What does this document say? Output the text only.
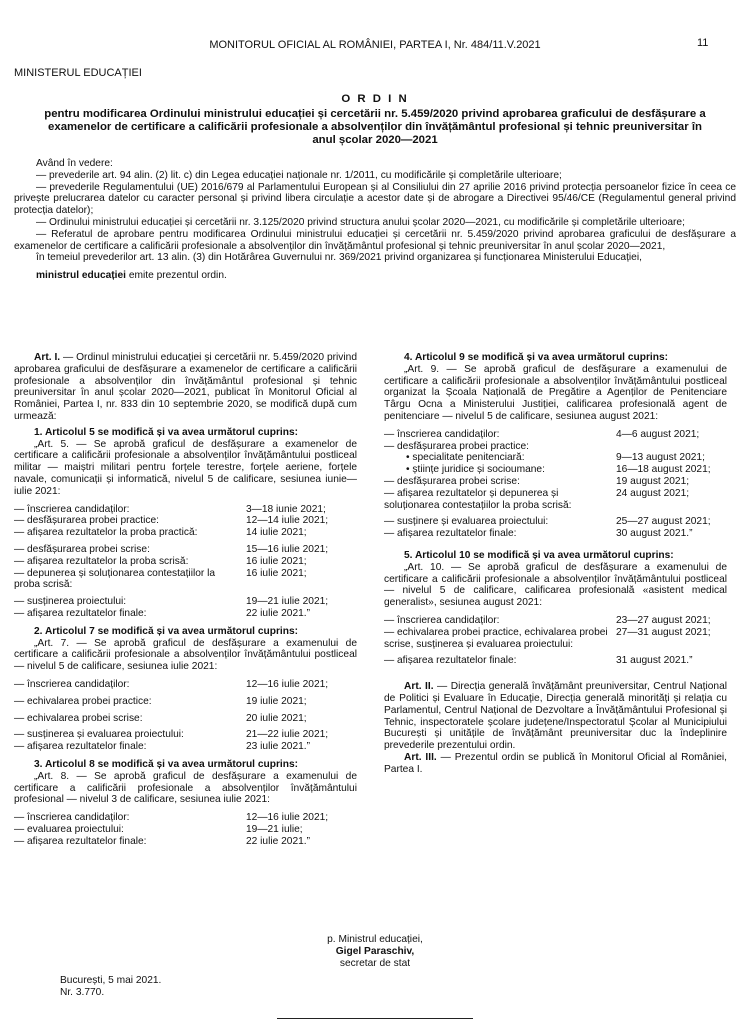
MONITORUL OFICIAL AL ROMÂNIEI, PARTEA I, Nr. 484/11.V.2021	11
MINISTERUL EDUCAȚIEI
O R D I N
pentru modificarea Ordinului ministrului educației și cercetării nr. 5.459/2020 privind aprobarea graficului de desfășurare a examenelor de certificare a calificării profesionale a absolvenților din învățământul profesional și tehnic preuniversitar în anul școlar 2020—2021

Având în vedere:

— prevederile art. 94 alin. (2) lit. c) din Legea educației naționale nr. 1/2011, cu modificările și completările ulterioare;

— prevederile Regulamentului (UE) 2016/679 al Parlamentului European și al Consiliului din 27 aprilie 2016 privind protecția persoanelor fizice în ceea ce privește prelucrarea datelor cu caracter personal și privind libera circulație a acestor date și de abrogare a Directivei 95/46/CE (Regulamentul general privind protecția datelor);

— Ordinului ministrului educației și cercetării nr. 3.125/2020 privind structura anului școlar 2020—2021, cu modificările și completările ulterioare;

— Referatul de aprobare pentru modificarea Ordinului ministrului educației și cercetării nr. 5.459/2020 privind aprobarea graficului de desfășurare a examenelor de certificare a calificării profesionale a absolvenților din învățământul profesional și tehnic preuniversitar în anul școlar 2020—2021,

în temeiul prevederilor art. 13 alin. (3) din Hotărârea Guvernului nr. 369/2021 privind organizarea și funcționarea Ministerului Educației,

ministrul educației emite prezentul ordin.

Art. I. — Ordinul ministrului educației și cercetării nr. 5.459/2020 privind aprobarea graficului de desfășurare a examenelor de certificare a calificării profesionale a absolvenților din învățământul profesional și tehnic preuniversitar în anul școlar 2020—2021, publicat în Monitorul Oficial al României, Partea I, nr. 833 din 10 septembrie 2020, se modifică după cum urmează:

1. Articolul 5 se modifică și va avea următorul cuprins:

„Art. 5. — Se aprobă graficul de desfășurare a examenelor de certificare a calificării profesionale a absolvenților învățământului postliceal militar — maiștri militari pentru forțele terestre, forțele aeriene, forțele navale, comunicații și informatică, nivelul 5 de calificare, sesiunea iunie—iulie 2021:

— înscrierea candidaților:	3—18 iunie 2021;
— desfășurarea probei practice:	12—14 iulie 2021;
— afișarea rezultatelor la proba practică:	14 iulie 2021;
— desfășurarea probei scrise:	15—16 iulie 2021;
— afișarea rezultatelor la proba scrisă:	16 iulie 2021;
— depunerea și soluționarea contestațiilor la proba scrisă:
16 iulie 2021;
— susținerea proiectului:	19—21 iulie 2021;
— afișarea rezultatelor finale:	22 iulie 2021.”

2. Articolul 7 se modifică și va avea următorul cuprins:

„Art. 7. — Se aprobă graficul de desfășurare a examenului de certificare a calificării profesionale a absolvenților învățământului postliceal — nivelul 5 de calificare, sesiunea iulie 2021:

— înscrierea candidaților:	12—16 iulie 2021;
— echivalarea probei practice:	19 iulie 2021;
— echivalarea probei scrise:	20 iulie 2021;
— susținerea și evaluarea proiectului:	21—22 iulie 2021;
— afișarea rezultatelor finale:	23 iulie 2021.”

3. Articolul 8 se modifică și va avea următorul cuprins:

„Art. 8. — Se aprobă graficul de desfășurare a examenului de certificare a calificării profesionale a absolvenților învățământului profesional — nivelul 3 de calificare, sesiunea iulie 2021:

— înscrierea candidaților:	12—16 iulie 2021;
— evaluarea proiectului:	19—21 iulie;
— afișarea rezultatelor finale:	22 iulie 2021.”

4. Articolul 9 se modifică și va avea următorul cuprins:

„Art. 9. — Se aprobă graficul de desfășurare a examenului de certificare a calificării profesionale a absolvenților învățământului postliceal organizat la Școala Națională de Pregătire a Agenților de Penitenciare Târgu Ocna a Ministerului Justiției, calificarea profesională agent de penitenciare — nivelul 5 de calificare, sesiunea august 2021:

— înscrierea candidaților:	4—6 august 2021;
— desfășurarea probei practice:
• specialitate penitenciară:	9—13 august 2021;
• științe juridice și socioumane:	16—18 august 2021;
— desfășurarea probei scrise:	19 august 2021;
— afișarea rezultatelor și depunerea și soluționarea contestațiilor la proba scrisă:
24 august 2021;
— susținere și evaluarea proiectului:	25—27 august 2021;
— afișarea rezultatelor finale:	30 august 2021.”

5. Articolul 10 se modifică și va avea următorul cuprins:

„Art. 10. — Se aprobă graficul de desfășurare a examenului de certificare a calificării profesionale a absolvenților învățământului postliceal — nivelul 5 de calificare, calificarea profesională «asistent medical generalist», sesiunea august 2021:

— înscrierea candidaților:	23—27 august 2021;
— echivalarea probei practice, echivalarea probei scrise, susținerea și evaluarea proiectului:
27—31 august 2021;
— afișarea rezultatelor finale:	31 august 2021.”

Art. II. — Direcția generală învățământ preuniversitar, Centrul Național de Politici și Evaluare în Educație, Direcția generală minorități și relația cu Parlamentul, Centrul Național de Dezvoltare a Învățământului Profesional și Tehnic, inspectoratele școlare județene/Inspectoratul Școlar al Municipiului București și unitățile de învățământ preuniversitar duc la îndeplinire prevederile prezentului ordin.

Art. III. — Prezentul ordin se publică în Monitorul Oficial al României, Partea I.

p. Ministrul educației,
Gigel Paraschiv,
secretar de stat
București, 5 mai 2021.
Nr. 3.770.
